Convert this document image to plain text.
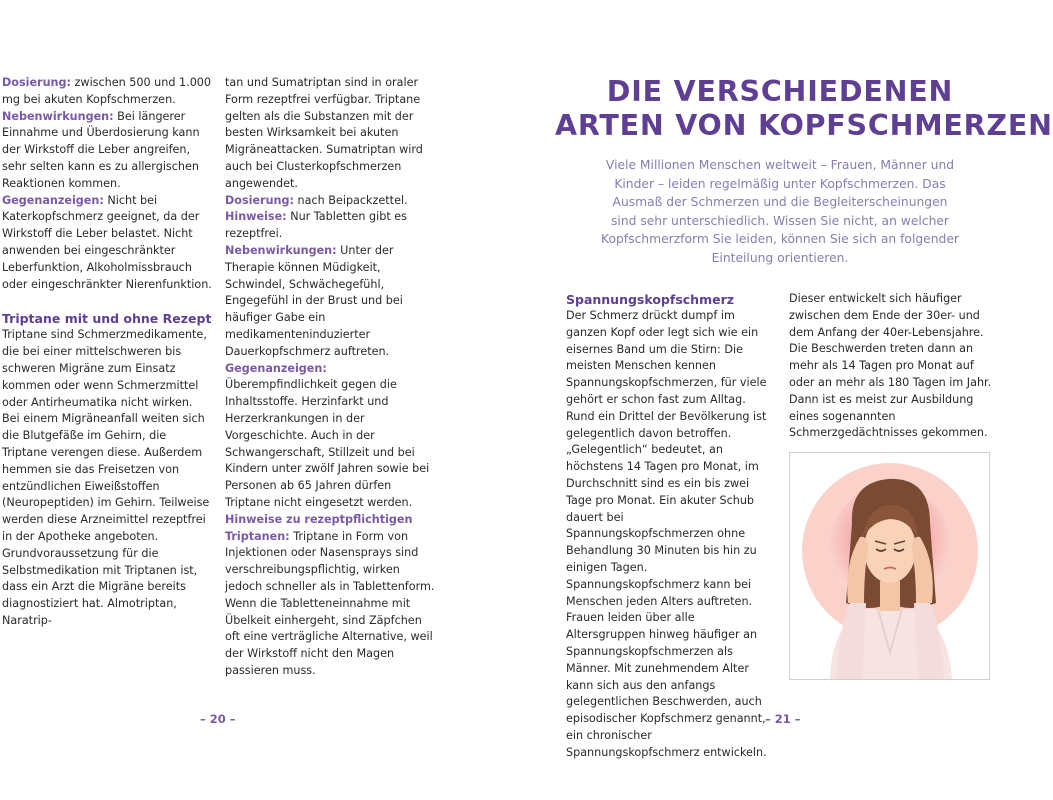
Dosierung: zwischen 500 und 1.000 mg bei akuten Kopfschmerzen.

Nebenwirkungen: Bei längerer Einnahme und Überdosierung kann der Wirkstoff die Leber angreifen, sehr selten kann es zu allergischen Reaktionen kommen.

Gegenanzeigen: Nicht bei Katerkopfschmerz geeignet, da der Wirkstoff die Leber belastet. Nicht anwenden bei eingeschränkter Leberfunktion, Alkoholmissbrauch oder eingeschränkter Nierenfunktion.

Triptane mit und ohne Rezept

Triptane sind Schmerzmedikamente, die bei einer mittelschweren bis schweren Migräne zum Einsatz kommen oder wenn Schmerzmittel oder Antirheumatika nicht wirken. Bei einem Migräneanfall weiten sich die Blutgefäße im Gehirn, die Triptane verengen diese. Außerdem hemmen sie das Freisetzen von entzündlichen Eiweißstoffen (Neuropeptiden) im Gehirn. Teilweise werden diese Arzneimittel rezeptfrei in der Apotheke angeboten. Grundvoraussetzung für die Selbstmedikation mit Triptanen ist, dass ein Arzt die Migräne bereits diagnostiziert hat. Almotriptan, Naratrip-

tan und Sumatriptan sind in oraler Form rezeptfrei verfügbar. Triptane gelten als die Substanzen mit der besten Wirksamkeit bei akuten Migräneattacken. Sumatriptan wird auch bei Clusterkopfschmerzen angewendet.

Dosierung: nach Beipackzettel.

Hinweise: Nur Tabletten gibt es rezeptfrei.

Nebenwirkungen: Unter der Therapie können Müdigkeit, Schwindel, Schwächegefühl, Engegefühl in der Brust und bei häufiger Gabe ein medikamenteninduzierter Dauerkopfschmerz auftreten.

Gegenanzeigen: Überempfindlichkeit gegen die Inhaltsstoffe. Herzinfarkt und Herzerkrankungen in der Vorgeschichte. Auch in der Schwangerschaft, Stillzeit und bei Kindern unter zwölf Jahren sowie bei Personen ab 65 Jahren dürfen Triptane nicht eingesetzt werden.

Hinweise zu rezeptpflichtigen Triptanen: Triptane in Form von Injektionen oder Nasensprays sind verschreibungspflichtig, wirken jedoch schneller als in Tablettenform. Wenn die Tabletteneinnahme mit Übelkeit einhergeht, sind Zäpfchen oft eine verträgliche Alternative, weil der Wirkstoff nicht den Magen passieren muss.

– 20 –
DIE VERSCHIEDENEN
ARTEN VON KOPFSCHMERZEN
Viele Millionen Menschen weltweit – Frauen, Männer und Kinder – leiden regelmäßig unter Kopfschmerzen. Das Ausmaß der Schmerzen und die Begleiterscheinungen sind sehr unterschiedlich. Wissen Sie nicht, an welcher Kopfschmerzform Sie leiden, können Sie sich an folgender Einteilung orientieren.

Spannungskopfschmerz

Der Schmerz drückt dumpf im ganzen Kopf oder legt sich wie ein eisernes Band um die Stirn: Die meisten Menschen kennen Spannungskopfschmerzen, für viele gehört er schon fast zum Alltag. Rund ein Drittel der Bevölkerung ist gelegentlich davon betroffen. „Gelegentlich“ bedeutet, an höchstens 14 Tagen pro Monat, im Durchschnitt sind es ein bis zwei Tage pro Monat. Ein akuter Schub dauert bei Spannungskopfschmerzen ohne Behandlung 30 Minuten bis hin zu einigen Tagen. Spannungskopfschmerz kann bei Menschen jeden Alters auftreten. Frauen leiden über alle Altersgruppen hinweg häufiger an Spannungskopfschmerzen als Männer. Mit zunehmendem Alter kann sich aus den anfangs gelegentlichen Beschwerden, auch episodischer Kopfschmerz genannt, ein chronischer Spannungskopfschmerz entwickeln.

Dieser entwickelt sich häufiger zwischen dem Ende der 30er- und dem Anfang der 40er-Lebensjahre. Die Beschwerden treten dann an mehr als 14 Tagen pro Monat auf oder an mehr als 180 Tagen im Jahr. Dann ist es meist zur Ausbildung eines sogenannten Schmerzgedächtnisses gekommen.

– 21 –
